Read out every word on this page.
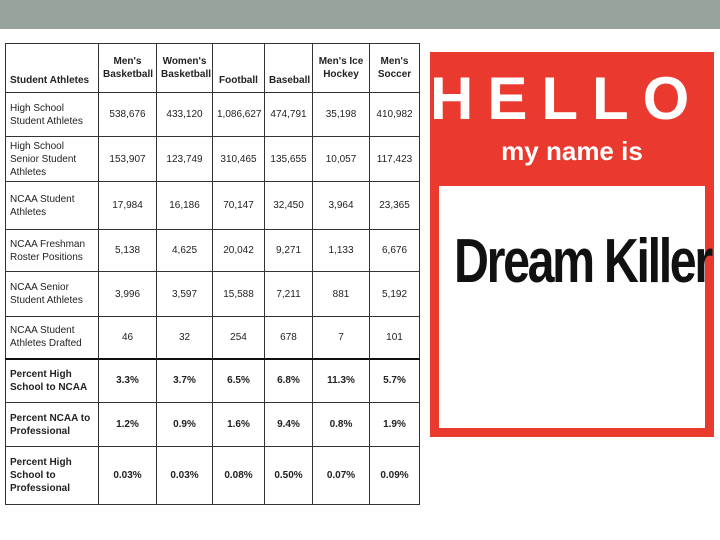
Student Athletes	Men's Basketball	Women's Basketball	Football	Baseball	Men's Ice Hockey	Men's Soccer
High School Student Athletes	538,676	433,120	1,086,627	474,791	35,198	410,982
High School Senior Student Athletes	153,907	123,749	310,465	135,655	10,057	117,423
NCAA Student Athletes	17,984	16,186	70,147	32,450	3,964	23,365
NCAA Freshman Roster Positions	5,138	4,625	20,042	9,271	1,133	6,676
NCAA Senior Student Athletes	3,996	3,597	15,588	7,211	881	5,192
NCAA Student Athletes Drafted	46	32	254	678	7	101
Percent High School to NCAA	3.3%	3.7%	6.5%	6.8%	11.3%	5.7%
Percent NCAA to Professional	1.2%	0.9%	1.6%	9.4%	0.8%	1.9%
Percent High School to Professional	0.03%	0.03%	0.08%	0.50%	0.07%	0.09%
HELLO
my name is
Dream Killer
